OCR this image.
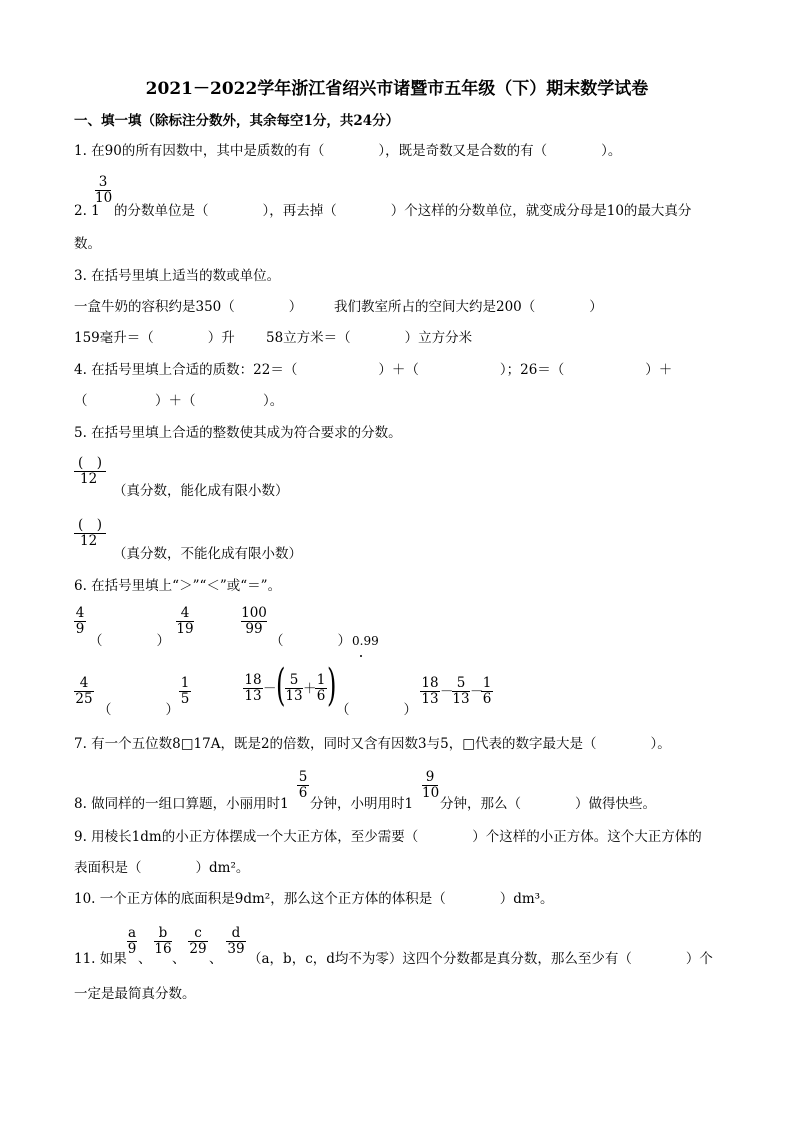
2021－2022学年浙江省绍兴市诸暨市五年级（下）期末数学试卷
一、填一填（除标注分数外，其余每空1分，共24分）
1. 在90的所有因数中，其中是质数的有（　　　　），既是奇数又是合数的有（　　　　）。
2. 1
$\frac{3}{10}$
的分数单位是（　　　　），再去掉（　　　　）个这样的分数单位，就变成分母是10的最大真分
数。
3. 在括号里填上适当的数或单位。
一盒牛奶的容积约是350（　　　　） 我们教室所占的空间大约是200（　　　　）
159毫升＝（　　　　）升 58立方米＝（　　　　）立方分米
4. 在括号里填上合适的质数：22＝（　　　　　　）＋（　　　　　　）；26＝（　　　　　　）＋
（　　　　　）＋（　　　　　）。
5. 在括号里填上合适的整数使其成为符合要求的分数。
(　)
12
（真分数，能化成有限小数）
(　)
12
（真分数，不能化成有限小数）
6. 在括号里填上“＞”“＜”或“＝”。
$\frac{4}{9}$
（　　　　）
$\frac{4}{19}$	$\frac{100}{99}$
（　　　　） 0.99
$\frac{4}{25}$
（　　　　）
$\frac{1}{5}$	$\frac{18}{13}$ － ( $\frac{5}{13}$ ＋
$\frac{1}{6}$ ) （　　　　）
$\frac{18}{13}$ －
$\frac{5}{13}$ －
$\frac{1}{6}$
7. 有一个五位数8□17A，既是2的倍数，同时又含有因数3与5，□代表的数字最大是（　　　　）。
8. 做同样的一组口算题，小丽用时1
$\frac{5}{6}$
分钟，小明用时1
$\frac{9}{10}$
分钟，那么（　　　　）做得快些。
9. 用棱长1dm的小正方体摆成一个大正方体，至少需要（　　　　）个这样的小正方体。这个大正方体的
表面积是（　　　　）dm²。
10. 一个正方体的底面积是9dm²，那么这个正方体的体积是（　　　　）dm³。
11. 如果
$\frac{a}{9}$
、
$\frac{b}{16}$
、
$\frac{c}{29}$
、
$\frac{d}{39}$
（a，b，c，d均不为零）这四个分数都是真分数，那么至少有（　　　　）个
一定是最简真分数。
